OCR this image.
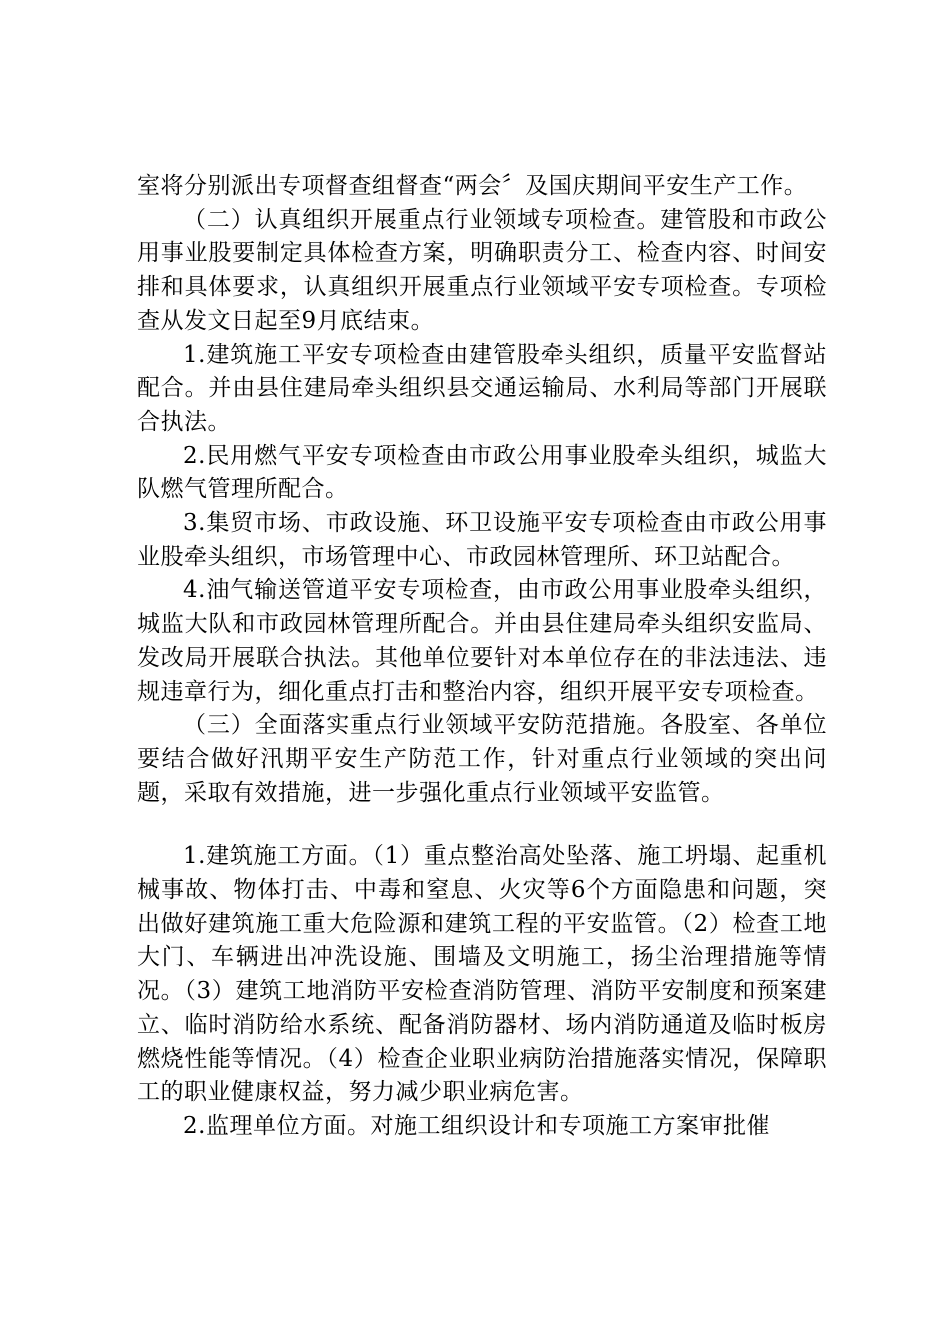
室将分别派出专项督查组督查“两会〞及国庆期间平安生产工作。

（二）认真组织开展重点行业领域专项检查。建管股和市政公用事业股要制定具体检查方案，明确职责分工、检查内容、时间安排和具体要求，认真组织开展重点行业领域平安专项检查。专项检查从发文日起至9月底结束。

1.建筑施工平安专项检查由建管股牵头组织，质量平安监督站配合。并由县住建局牵头组织县交通运输局、水利局等部门开展联合执法。

2.民用燃气平安专项检查由市政公用事业股牵头组织，城监大队燃气管理所配合。

3.集贸市场、市政设施、环卫设施平安专项检查由市政公用事业股牵头组织，市场管理中心、市政园林管理所、环卫站配合。

4.油气输送管道平安专项检查，由市政公用事业股牵头组织，城监大队和市政园林管理所配合。并由县住建局牵头组织安监局、发改局开展联合执法。其他单位要针对本单位存在的非法违法、违规违章行为，细化重点打击和整治内容，组织开展平安专项检查。

（三）全面落实重点行业领域平安防范措施。各股室、各单位要结合做好汛期平安生产防范工作，针对重点行业领域的突出问题，采取有效措施，进一步强化重点行业领域平安监管。

1.建筑施工方面。（1）重点整治高处坠落、施工坍塌、起重机械事故、物体打击、中毒和窒息、火灾等6个方面隐患和问题，突出做好建筑施工重大危险源和建筑工程的平安监管。（2）检查工地大门、车辆进出冲洗设施、围墙及文明施工，扬尘治理措施等情况。（3）建筑工地消防平安检查消防管理、消防平安制度和预案建立、临时消防给水系统、配备消防器材、场内消防通道及临时板房燃烧性能等情况。（4）检查企业职业病防治措施落实情况，保障职工的职业健康权益，努力减少职业病危害。

2.监理单位方面。对施工组织设计和专项施工方案审批催
